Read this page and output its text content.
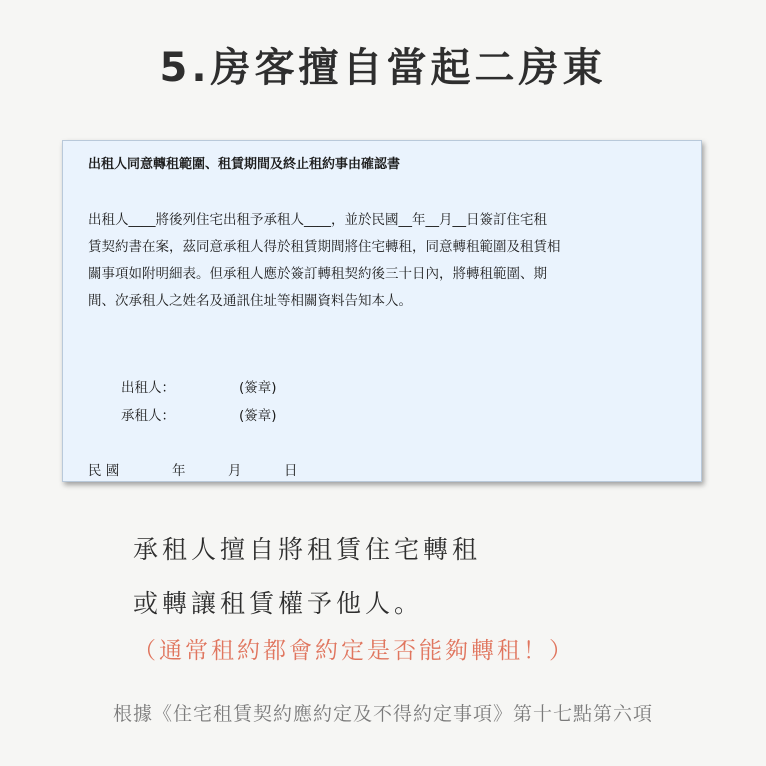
5.房客擅自當起二房東
出租人同意轉租範圍、租賃期間及終止租約事由確認書
出租人____將後列住宅出租予承租人____，並於民國__年__月__日簽訂住宅租
賃契約書在案，茲同意承租人得於租賃期間將住宅轉租，同意轉租範圍及租賃相
關事項如附明細表。但承租人應於簽訂轉租契約後三十日內，將轉租範圍、期
間、次承租人之姓名及通訊住址等相關資料告知本人。
出租人：	(簽章)
承租人：	(簽章)
民 國	年	月	日
承租人擅自將租賃住宅轉租
或轉讓租賃權予他人。
（通常租約都會約定是否能夠轉租！）
根據《住宅租賃契約應約定及不得約定事項》第十七點第六項
